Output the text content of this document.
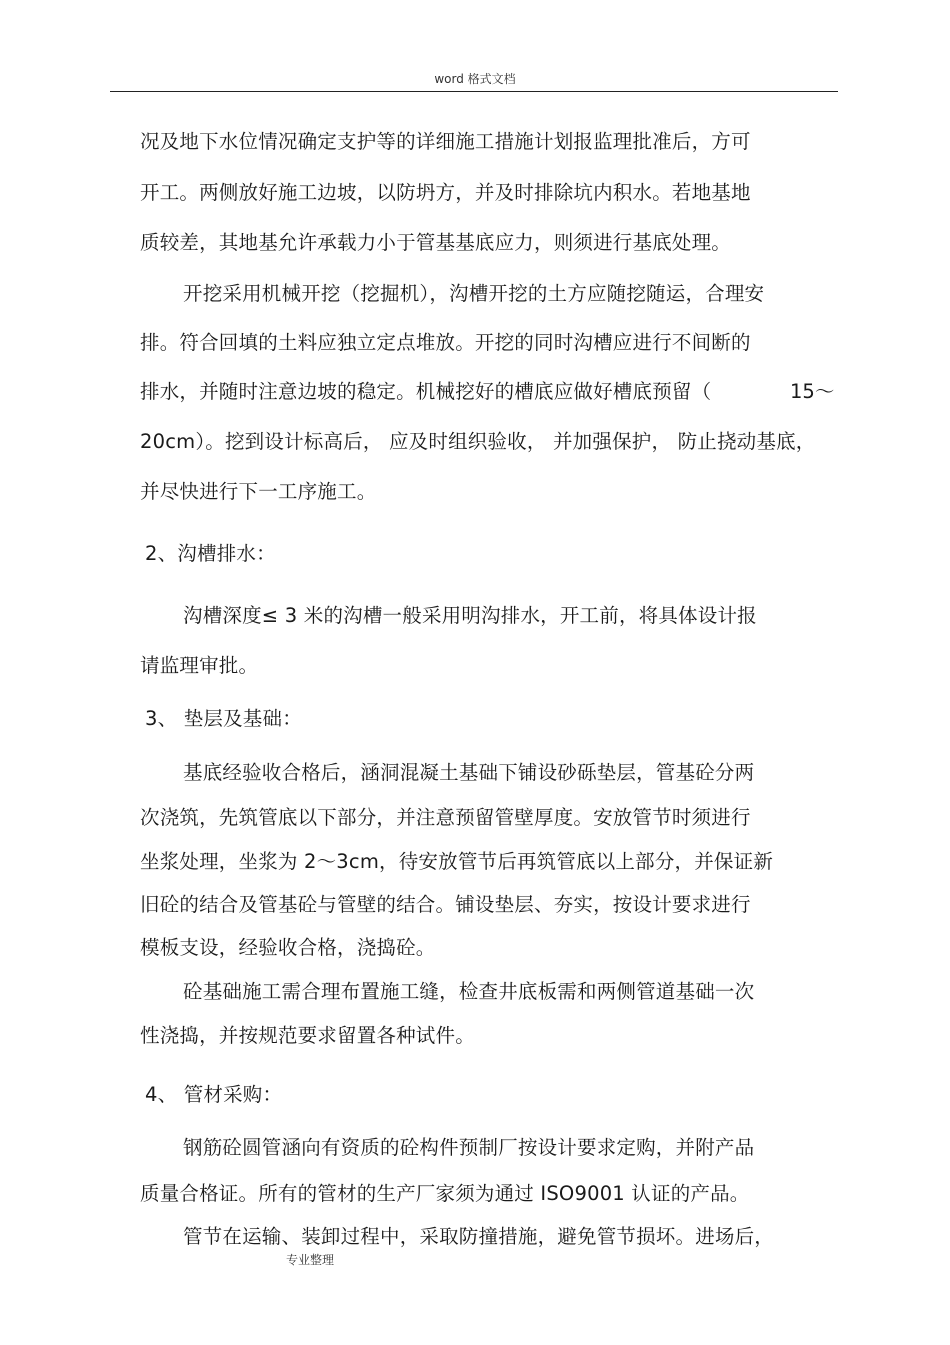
word 格式文档
况及地下水位情况确定支护等的详细施工措施计划报监理批准后，方可
开工。两侧放好施工边坡，以防坍方，并及时排除坑内积水。若地基地
质较差，其地基允许承载力小于管基基底应力，则须进行基底处理。
开挖采用机械开挖（挖掘机），沟槽开挖的土方应随挖随运，合理安
排。符合回填的土料应独立定点堆放。开挖的同时沟槽应进行不间断的
排水，并随时注意边坡的稳定。机械挖好的槽底应做好槽底预留（	15～
20cm）。挖到设计标高后， 应及时组织验收， 并加强保护， 防止挠动基底，
并尽快进行下一工序施工。
2、沟槽排水：
沟槽深度≤ 3 米的沟槽一般采用明沟排水，开工前，将具体设计报
请监理审批。
3、 垫层及基础：
基底经验收合格后，涵洞混凝土基础下铺设砂砾垫层，管基砼分两
次浇筑，先筑管底以下部分，并注意预留管壁厚度。安放管节时须进行
坐浆处理，坐浆为 2～3cm，待安放管节后再筑管底以上部分，并保证新
旧砼的结合及管基砼与管壁的结合。铺设垫层、夯实，按设计要求进行
模板支设，经验收合格，浇捣砼。
砼基础施工需合理布置施工缝，检查井底板需和两侧管道基础一次
性浇捣，并按规范要求留置各种试件。
4、 管材采购：
钢筋砼圆管涵向有资质的砼构件预制厂按设计要求定购，并附产品
质量合格证。所有的管材的生产厂家须为通过 ISO9001 认证的产品。
管节在运输、装卸过程中，采取防撞措施，避免管节损坏。进场后，
专业整理
